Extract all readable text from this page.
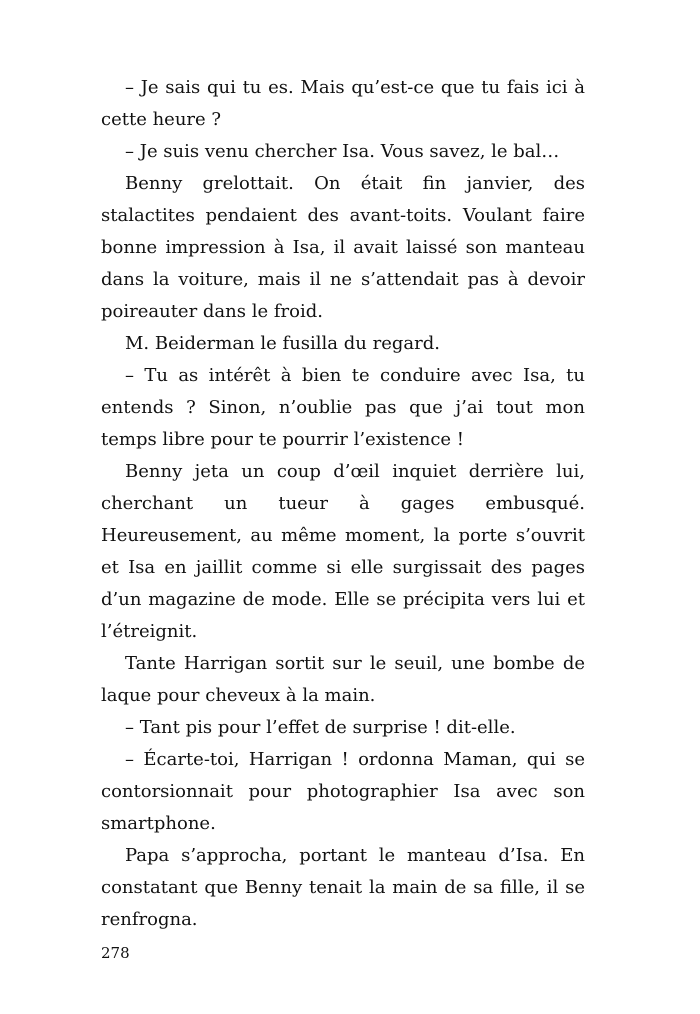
– Je sais qui tu es. Mais qu’est-ce que tu fais ici à cette heure ?

– Je suis venu chercher Isa. Vous savez, le bal…

Benny grelottait. On était fin janvier, des stalactites pendaient des avant-toits. Voulant faire bonne impression à Isa, il avait laissé son manteau dans la voiture, mais il ne s’attendait pas à devoir poireauter dans le froid.

M. Beiderman le fusilla du regard.

– Tu as intérêt à bien te conduire avec Isa, tu entends ? Sinon, n’oublie pas que j’ai tout mon temps libre pour te pourrir l’existence !

Benny jeta un coup d’œil inquiet derrière lui, cherchant un tueur à gages embusqué. Heureusement, au même moment, la porte s’ouvrit et Isa en jaillit comme si elle surgissait des pages d’un magazine de mode. Elle se précipita vers lui et l’étreignit.

Tante Harrigan sortit sur le seuil, une bombe de laque pour cheveux à la main.

– Tant pis pour l’effet de surprise ! dit-elle.

– Écarte-toi, Harrigan ! ordonna Maman, qui se contorsionnait pour photographier Isa avec son smartphone.

Papa s’approcha, portant le manteau d’Isa. En constatant que Benny tenait la main de sa fille, il se renfrogna.

278
